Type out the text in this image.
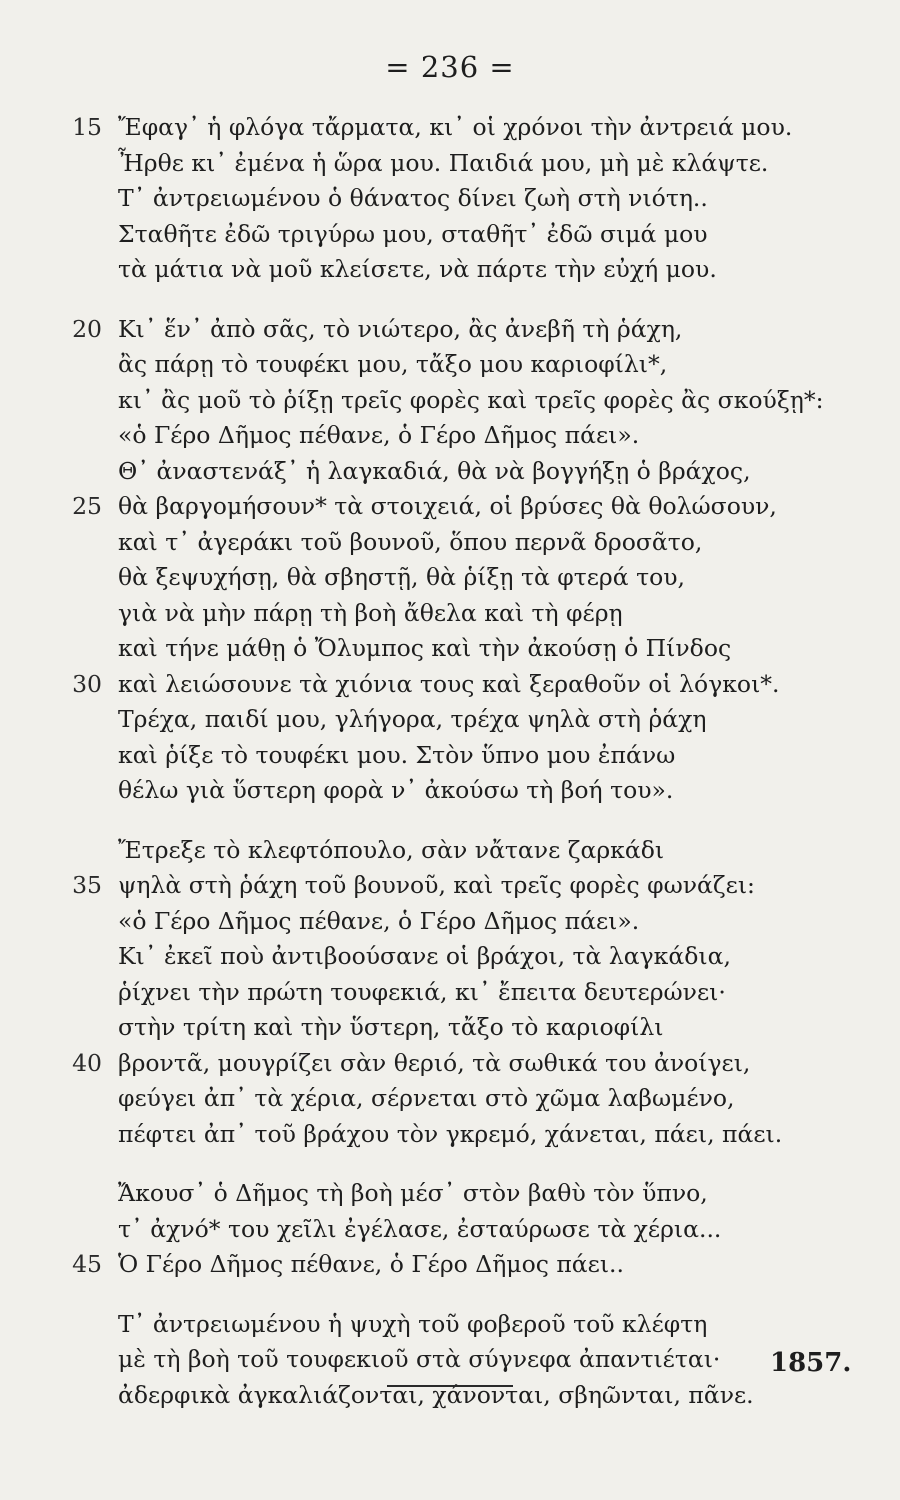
= 236 =
15 Ἔφαγ᾽ ἡ φλόγα τἄρματα, κι᾽ οἱ χρόνοι τὴν ἀντρειά μου.
Ἦρθε κι᾽ ἐμένα ἡ ὥρα μου. Παιδιά μου, μὴ μὲ κλάψτε.
Τ᾽ ἀντρειωμένου ὁ θάνατος δίνει ζωὴ στὴ νιότη..
Σταθῆτε ἐδῶ τριγύρω μου, σταθῆτ᾽ ἐδῶ σιμά μου
τὰ μάτια νὰ μοῦ κλείσετε, νὰ πάρτε τὴν εὐχή μου.
20 Κι᾽ ἕν᾽ ἀπὸ σᾶς, τὸ νιώτερο, ἂς ἀνεβῆ τὴ ῥάχη,
ἂς πάρῃ τὸ τουφέκι μου, τἄξο μου καριοφίλι*,
κι᾽ ἂς μοῦ τὸ ῥίξῃ τρεῖς φορὲς καὶ τρεῖς φορὲς ἂς σκούξῃ*:
«ὁ Γέρο Δῆμος πέθανε, ὁ Γέρο Δῆμος πάει».
Θ᾽ ἀναστενάξ᾽ ἡ λαγκαδιά, θὰ νὰ βογγήξῃ ὁ βράχος,
25 θὰ βαργομήσουν* τὰ στοιχειά, οἱ βρύσες θὰ θολώσουν,
καὶ τ᾽ ἀγεράκι τοῦ βουνοῦ, ὅπου περνᾶ δροσᾶτο,
θὰ ξεψυχήσῃ, θὰ σβηστῇ, θὰ ῥίξῃ τὰ φτερά του,
γιὰ νὰ μὴν πάρῃ τὴ βοὴ ἄθελα καὶ τὴ φέρῃ
καὶ τήνε μάθῃ ὁ Ὄλυμπος καὶ τὴν ἀκούσῃ ὁ Πίνδος
30 καὶ λειώσουνε τὰ χιόνια τους καὶ ξεραθοῦν οἱ λόγκοι*.
Τρέχα, παιδί μου, γλήγορα, τρέχα ψηλὰ στὴ ῥάχη
καὶ ῥίξε τὸ τουφέκι μου. Στὸν ὕπνο μου ἐπάνω
θέλω γιὰ ὕστερη φορὰ ν᾽ ἀκούσω τὴ βοή του».
Ἔτρεξε τὸ κλεφτόπουλο, σὰν νἄτανε ζαρκάδι
35 ψηλὰ στὴ ῥάχη τοῦ βουνοῦ, καὶ τρεῖς φορὲς φωνάζει:
«ὁ Γέρο Δῆμος πέθανε, ὁ Γέρο Δῆμος πάει».
Κι᾽ ἐκεῖ ποὺ ἀντιβοούσανε οἱ βράχοι, τὰ λαγκάδια,
ῥίχνει τὴν πρώτη τουφεκιά, κι᾽ ἔπειτα δευτερώνει·
στὴν τρίτη καὶ τὴν ὕστερη, τἄξο τὸ καριοφίλι
40 βροντᾶ, μουγρίζει σὰν θεριό, τὰ σωθικά του ἀνοίγει,
φεύγει ἀπ᾽ τὰ χέρια, σέρνεται στὸ χῶμα λαβωμένο,
πέφτει ἀπ᾽ τοῦ βράχου τὸν γκρεμό, χάνεται, πάει, πάει.
Ἄκουσ᾽ ὁ Δῆμος τὴ βοὴ μέσ᾽ στὸν βαθὺ τὸν ὕπνο,
τ᾽ ἀχνό* του χεῖλι ἐγέλασε, ἐσταύρωσε τὰ χέρια...
45 Ὁ Γέρο Δῆμος πέθανε, ὁ Γέρο Δῆμος πάει..
Τ᾽ ἀντρειωμένου ἡ ψυχὴ τοῦ φοβεροῦ τοῦ κλέφτη
μὲ τὴ βοὴ τοῦ τουφεκιοῦ στὰ σύγνεφα ἀπαντιέται·
ἀδερφικὰ ἀγκαλιάζονται, χάνονται, σβηῶνται, πᾶνε.
1857.
